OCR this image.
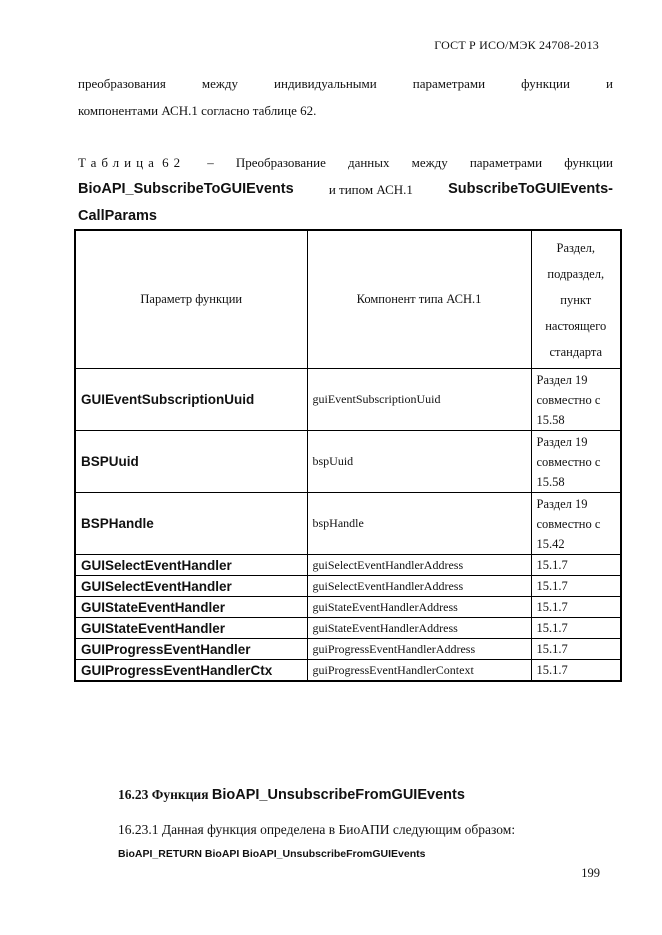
ГОСТ Р ИСО/МЭК 24708-2013
преобразования	между	индивидуальными	параметрами	функции	и
компонентами АСН.1 согласно таблице 62.
Таблица 62 – Преобразование данных между параметрами функции
BioAPI_SubscribeToGUIEvents	и типом АСН.1 SubscribeToGUIEvents-
CallParams
Параметр функции	Компонент типа АСН.1	Раздел, подраздел, пункт настоящего стандарта
GUIEventSubscriptionUuid	guiEventSubscriptionUuid	Раздел 19 совместно с 15.58
BSPUuid	bspUuid	Раздел 19 совместно с 15.58
BSPHandle	bspHandle	Раздел 19 совместно с 15.42
GUISelectEventHandler	guiSelectEventHandlerAddress	15.1.7
GUISelectEventHandler	guiSelectEventHandlerAddress	15.1.7
GUIStateEventHandler	guiStateEventHandlerAddress	15.1.7
GUIStateEventHandler	guiStateEventHandlerAddress	15.1.7
GUIProgressEventHandler	guiProgressEventHandlerAddress	15.1.7
GUIProgressEventHandlerCtx	guiProgressEventHandlerContext	15.1.7
16.23 Функция BioAPI_UnsubscribeFromGUIEvents
16.23.1 Данная функция определена в БиоАПИ следующим образом:
BioAPI_RETURN BioAPI BioAPI_UnsubscribeFromGUIEvents
199
